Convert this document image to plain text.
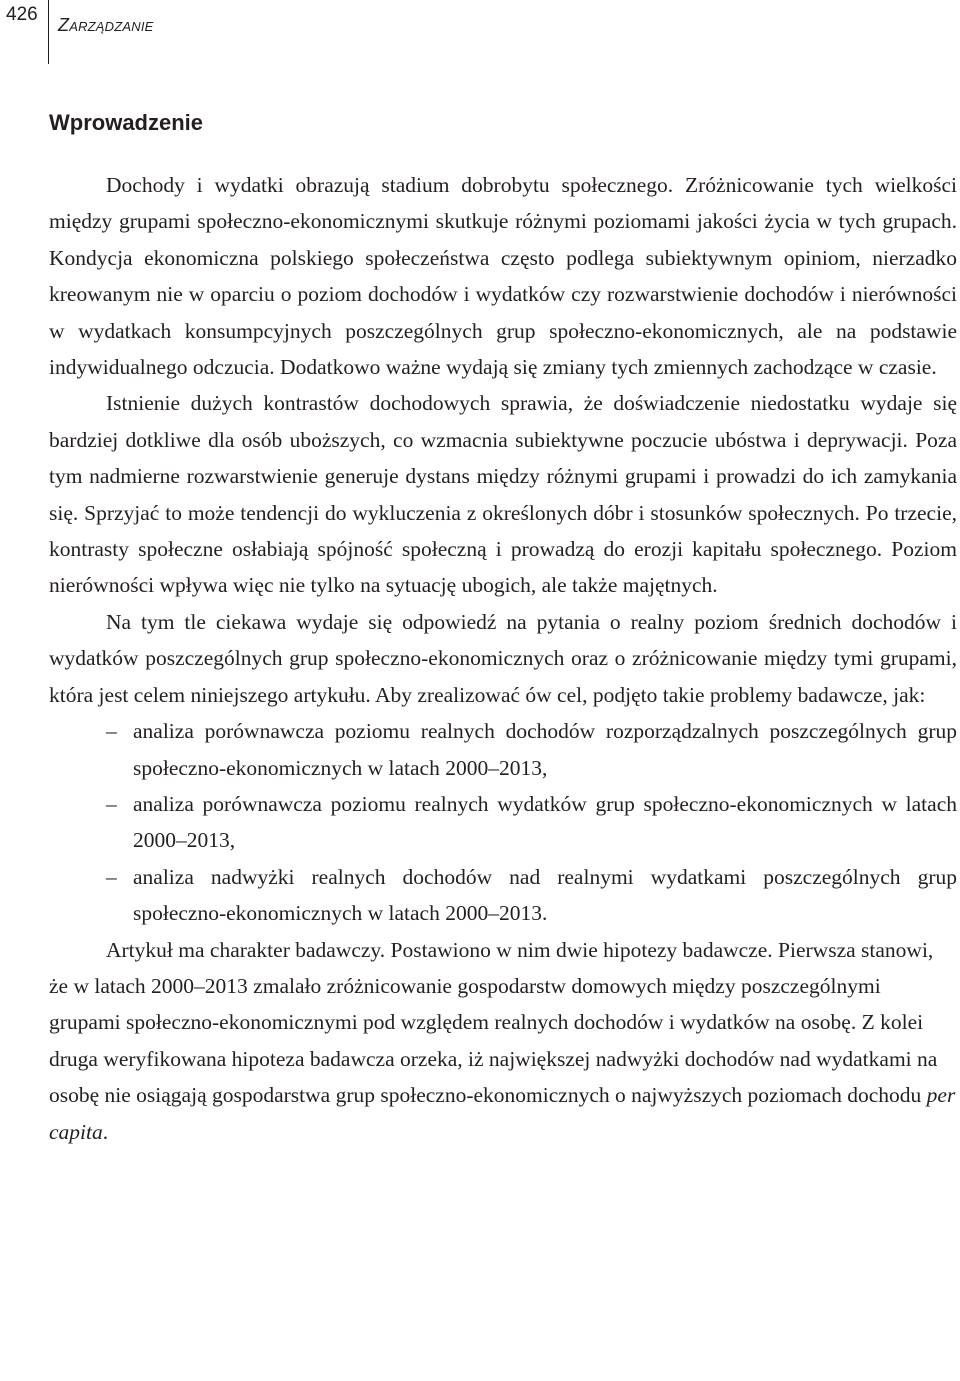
426 ZARZĄDZANIE
Wprowadzenie

Dochody i wydatki obrazują stadium dobrobytu społecznego. Zróżnicowanie tych wielkości między grupami społeczno-ekonomicznymi skutkuje różnymi poziomami jakości życia w tych grupach. Kondycja ekonomiczna polskiego społeczeństwa często podlega subiektywnym opiniom, nierzadko kreowanym nie w oparciu o poziom dochodów i wydatków czy rozwarstwienie dochodów i nierówności w wydatkach konsumpcyjnych poszczególnych grup społeczno-ekonomicznych, ale na podstawie indywidualnego odczucia. Dodatkowo ważne wydają się zmiany tych zmiennych zachodzące w czasie.

Istnienie dużych kontrastów dochodowych sprawia, że doświadczenie niedostatku wydaje się bardziej dotkliwe dla osób uboższych, co wzmacnia subiektywne poczucie ubóstwa i deprywacji. Poza tym nadmierne rozwarstwienie generuje dystans między różnymi grupami i prowadzi do ich zamykania się. Sprzyjać to może tendencji do wykluczenia z określonych dóbr i stosunków społecznych. Po trzecie, kontrasty społeczne osłabiają spójność społeczną i prowadzą do erozji kapitału społecznego. Poziom nierówności wpływa więc nie tylko na sytuację ubogich, ale także majętnych.

Na tym tle ciekawa wydaje się odpowiedź na pytania o realny poziom średnich dochodów i wydatków poszczególnych grup społeczno-ekonomicznych oraz o zróżnicowanie między tymi grupami, która jest celem niniejszego artykułu. Aby zrealizować ów cel, podjęto takie problemy badawcze, jak:

– analiza porównawcza poziomu realnych dochodów rozporządzalnych poszczególnych grup społeczno-ekonomicznych w latach 2000–2013,
– analiza porównawcza poziomu realnych wydatków grup społeczno-ekonomicznych w latach 2000–2013,
– analiza nadwyżki realnych dochodów nad realnymi wydatkami poszczególnych grup społeczno-ekonomicznych w latach 2000–2013.

Artykuł ma charakter badawczy. Postawiono w nim dwie hipotezy badawcze. Pierwsza stanowi, że w latach 2000–2013 zmalało zróżnicowanie gospodarstw domowych między poszczególnymi grupami społeczno-ekonomicznymi pod względem realnych dochodów i wydatków na osobę. Z kolei druga weryfikowana hipoteza badawcza orzeka, iż największej nadwyżki dochodów nad wydatkami na osobę nie osiągają gospodarstwa grup społeczno-ekonomicznych o najwyższych poziomach dochodu per capita.
